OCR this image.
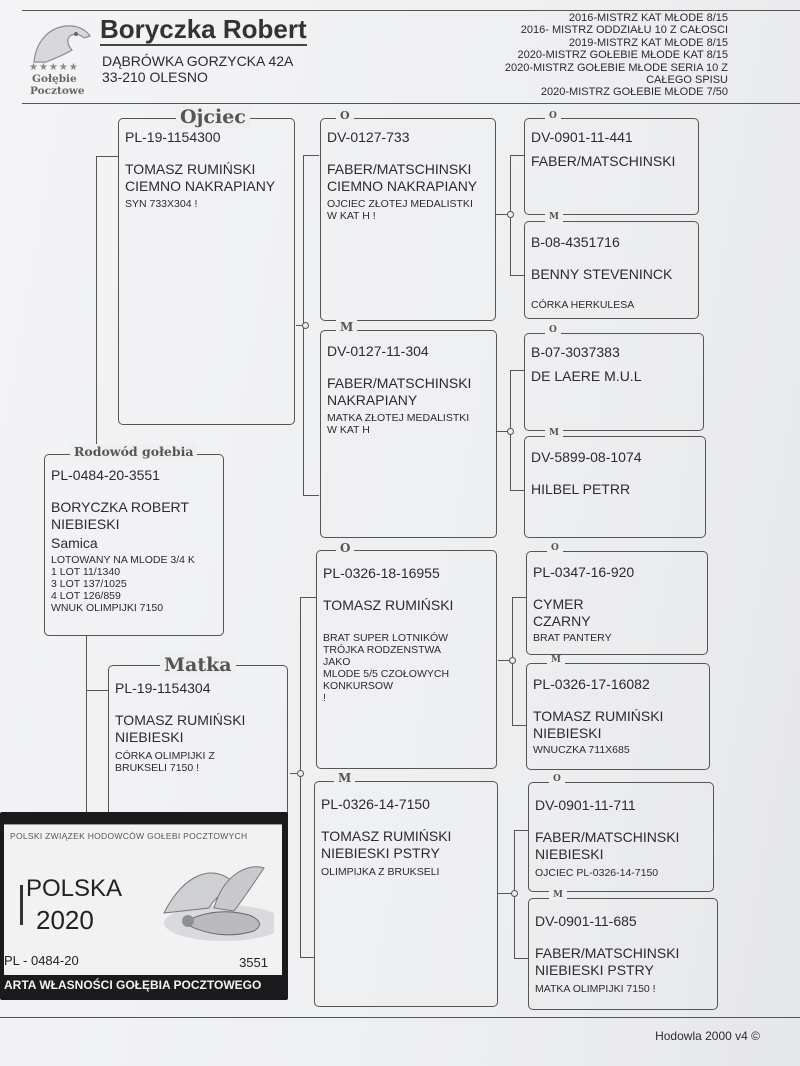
★★★★★
Gołębie
Pocztowe
Boryczka Robert
DĄBRÓWKA GORZYCKA 42A
33-210 OLESNO
2016-MISTRZ KAT MŁODE 8/15
2016- MISTRZ ODDZIAŁU 10 Z CAŁOSCI
2019-MISTRZ KAT MŁODE 8/15
2020-MISTRZ GOŁEBIE MŁODE KAT 8/15
2020-MISTRZ GOŁEBIE MŁODE SERIA 10 Z
CAŁEGO SPISU
2020-MISTRZ GOŁEBIE MŁODE 7/50
PL-19-1154300
TOMASZ RUMIŃSKI
CIEMNO NAKRAPIANY
SYN 733X304 !
Ojciec
PL-0484-20-3551
BORYCZKA ROBERT
NIEBIESKI
Samica
LOTOWANY NA MLODE 3/4 K
1 LOT 11/1340
3 LOT 137/1025
4 LOT 126/859
WNUK OLIMPIJKI 7150
Rodowód gołebia
PL-19-1154304
TOMASZ RUMIŃSKI
NIEBIESKI
CÓRKA OLIMPIJKI Z
BRUKSELI 7150 !
Matka
DV-0127-733
FABER/MATSCHINSKI
CIEMNO NAKRAPIANY
OJCIEC ZŁOTEJ MEDALISTKI
W KAT H !
O
DV-0127-11-304
FABER/MATSCHINSKI
NAKRAPIANY
MATKA ZŁOTEJ MEDALISTKI
W KAT H
M
PL-0326-18-16955
TOMASZ RUMIŃSKI
BRAT SUPER LOTNIKÓW
TRÓJKA RODZENSTWA
JAKO
MLODE 5/5 CZOŁOWYCH
KONKURSOW
!
O
PL-0326-14-7150
TOMASZ RUMIŃSKI
NIEBIESKI PSTRY
OLIMPIJKA Z BRUKSELI
M
DV-0901-11-441
FABER/MATSCHINSKI
O
B-08-4351716
BENNY STEVENINCK
CÓRKA HERKULESA
M
B-07-3037383
DE LAERE M.U.L
O
DV-5899-08-1074
HILBEL PETRR
M
PL-0347-16-920
CYMER
CZARNY
BRAT PANTERY
O
PL-0326-17-16082
TOMASZ RUMIŃSKI
NIEBIESKI
WNUCZKA 711X685
M
DV-0901-11-711
FABER/MATSCHINSKI
NIEBIESKI
OJCIEC PL-0326-14-7150
O
DV-0901-11-685
FABER/MATSCHINSKI
NIEBIESKI PSTRY
MATKA OLIMPIJKI 7150 !
M
Hodowla 2000 v4 ©
POLSKI ZWIĄZEK HODOWCÓW GOŁEBI POCZTOWYCH
POLSKA
2020
PL - 0484-20	3551
ARTA WŁASNOŚCI GOŁĘBIA POCZTOWEGO
